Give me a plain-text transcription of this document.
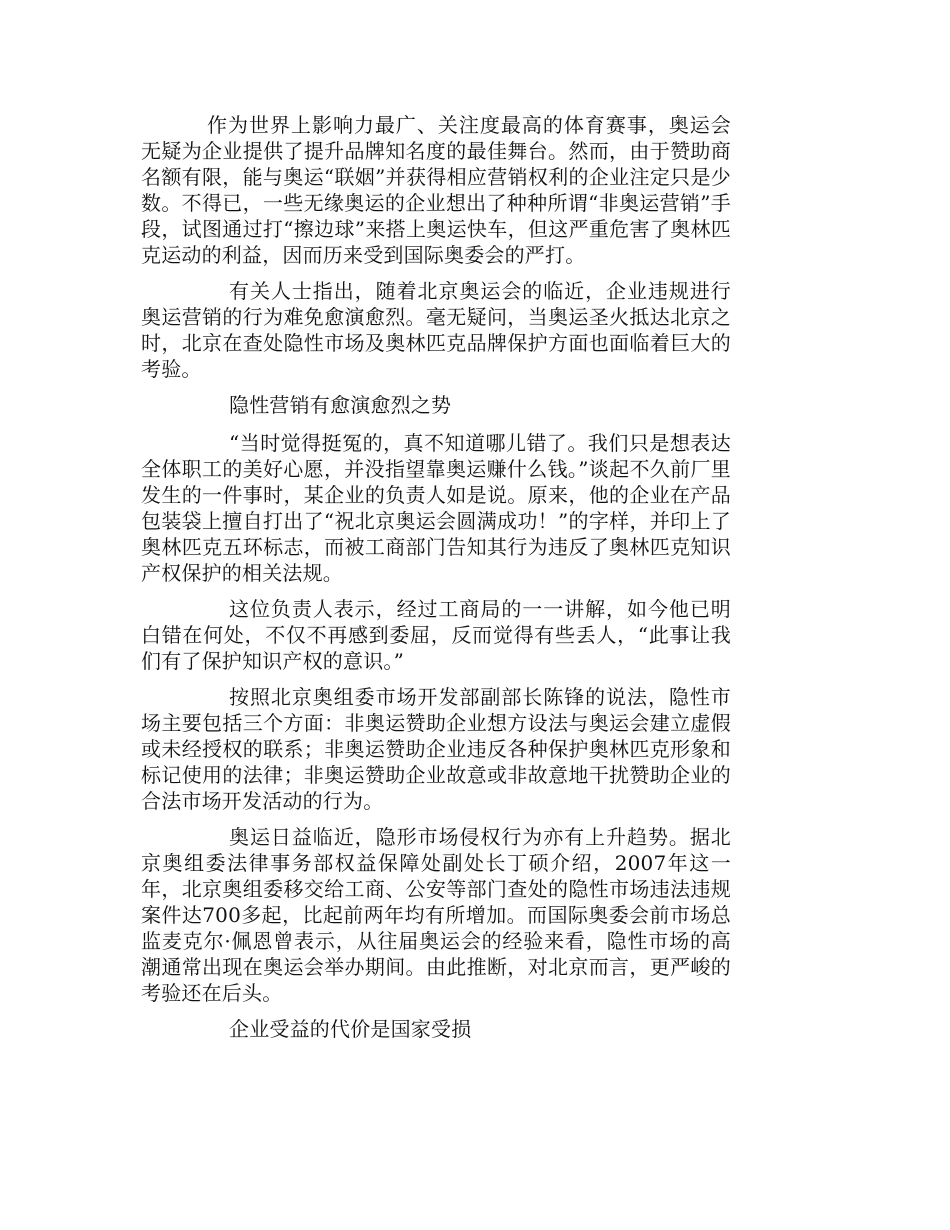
作为世界上影响力最广、关注度最高的体育赛事，奥运会无疑为企业提供了提升品牌知名度的最佳舞台。然而，由于赞助商名额有限，能与奥运“联姻”并获得相应营销权利的企业注定只是少数。不得已，一些无缘奥运的企业想出了种种所谓“非奥运营销”手段，试图通过打“擦边球”来搭上奥运快车，但这严重危害了奥林匹克运动的利益，因而历来受到国际奥委会的严打。

有关人士指出，随着北京奥运会的临近，企业违规进行奥运营销的行为难免愈演愈烈。毫无疑问，当奥运圣火抵达北京之时，北京在查处隐性市场及奥林匹克品牌保护方面也面临着巨大的考验。

隐性营销有愈演愈烈之势

“当时觉得挺冤的，真不知道哪儿错了。我们只是想表达全体职工的美好心愿，并没指望靠奥运赚什么钱。”谈起不久前厂里发生的一件事时，某企业的负责人如是说。原来，他的企业在产品包装袋上擅自打出了“祝北京奥运会圆满成功！”的字样，并印上了奥林匹克五环标志，而被工商部门告知其行为违反了奥林匹克知识产权保护的相关法规。

这位负责人表示，经过工商局的一一讲解，如今他已明白错在何处，不仅不再感到委屈，反而觉得有些丢人，“此事让我们有了保护知识产权的意识。”

按照北京奥组委市场开发部副部长陈锋的说法，隐性市场主要包括三个方面：非奥运赞助企业想方设法与奥运会建立虚假或未经授权的联系；非奥运赞助企业违反各种保护奥林匹克形象和标记使用的法律；非奥运赞助企业故意或非故意地干扰赞助企业的合法市场开发活动的行为。

奥运日益临近，隐形市场侵权行为亦有上升趋势。据北京奥组委法律事务部权益保障处副处长丁硕介绍，2007年这一年，北京奥组委移交给工商、公安等部门查处的隐性市场违法违规案件达700多起，比起前两年均有所增加。而国际奥委会前市场总监麦克尔·佩恩曾表示，从往届奥运会的经验来看，隐性市场的高潮通常出现在奥运会举办期间。由此推断，对北京而言，更严峻的考验还在后头。

企业受益的代价是国家受损
